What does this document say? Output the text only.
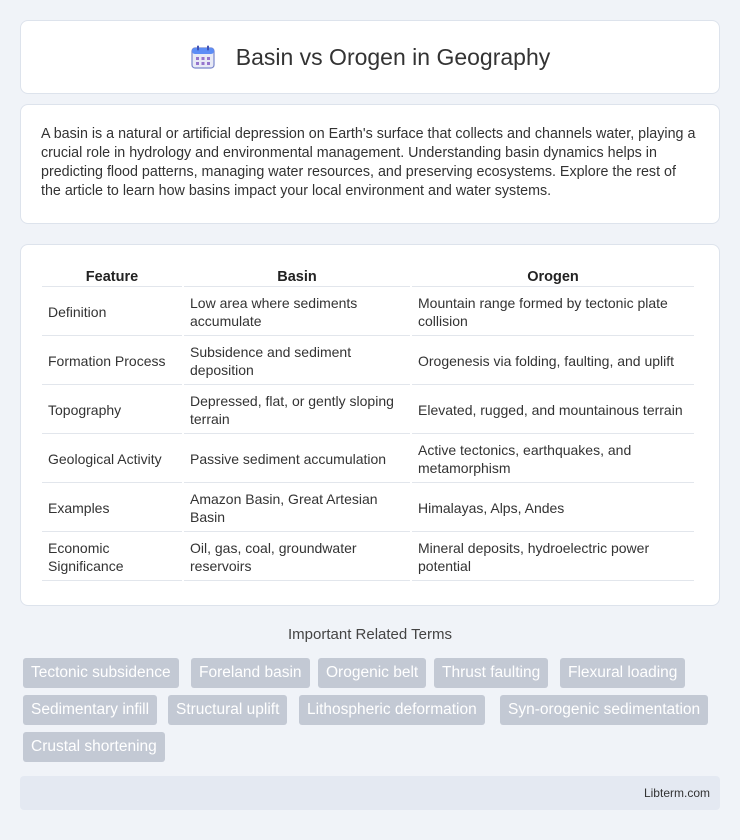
Basin vs Orogen in Geography

A basin is a natural or artificial depression on Earth's surface that collects and channels water, playing a crucial role in hydrology and environmental management. Understanding basin dynamics helps in predicting flood patterns, managing water resources, and preserving ecosystems. Explore the rest of the article to learn how basins impact your local environment and water systems.

Feature	Basin	Orogen
Definition	Low area where sediments accumulate	Mountain range formed by tectonic plate collision
Formation Process	Subsidence and sediment deposition	Orogenesis via folding, faulting, and uplift
Topography	Depressed, flat, or gently sloping terrain	Elevated, rugged, and mountainous terrain
Geological Activity	Passive sediment accumulation	Active tectonics, earthquakes, and metamorphism
Examples	Amazon Basin, Great Artesian Basin	Himalayas, Alps, Andes
Economic Significance	Oil, gas, coal, groundwater reservoirs	Mineral deposits, hydroelectric power potential
Important Related Terms
Tectonic subsidence	Foreland basin	Orogenic belt	Thrust faulting	Flexural loading
Sedimentary infill	Structural uplift	Lithospheric deformation	Syn-orogenic sedimentation
Crustal shortening
Libterm.com
